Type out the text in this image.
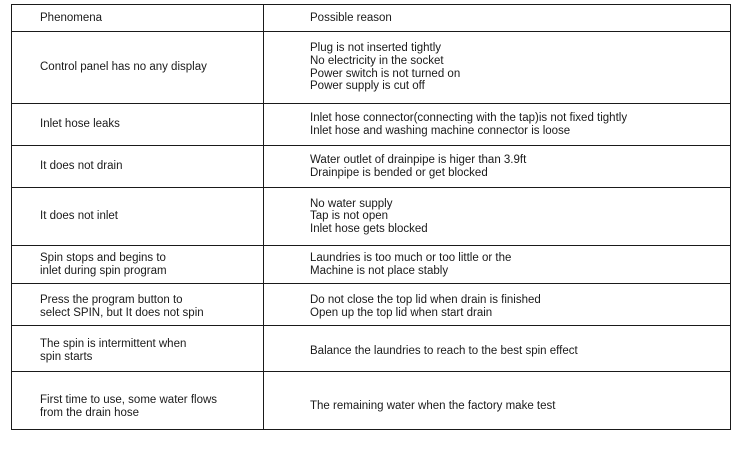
Phenomena	Possible reason

Control panel has no any display	Plug is not inserted tightly
No electricity in the socket
Power switch is not turned on
Power supply is cut off

Inlet hose leaks	Inlet hose connector(connecting with the tap)is not fixed tightly
Inlet hose and washing machine connector is loose

It does not drain	Water outlet of drainpipe is higer than 3.9ft
Drainpipe is bended or get blocked

It does not inlet	No water supply
Tap is not open
Inlet hose gets blocked

Spin stops and begins to
inlet during spin program	Laundries is too much or too little or the
Machine is not place stably

Press the program button to
select SPIN, but It does not spin	Do not close the top lid when drain is finished
Open up the top lid when start drain

The spin is intermittent when
spin starts	Balance the laundries to reach to the best spin effect

First time to use, some water flows
from the drain hose	The remaining water when the factory make test
